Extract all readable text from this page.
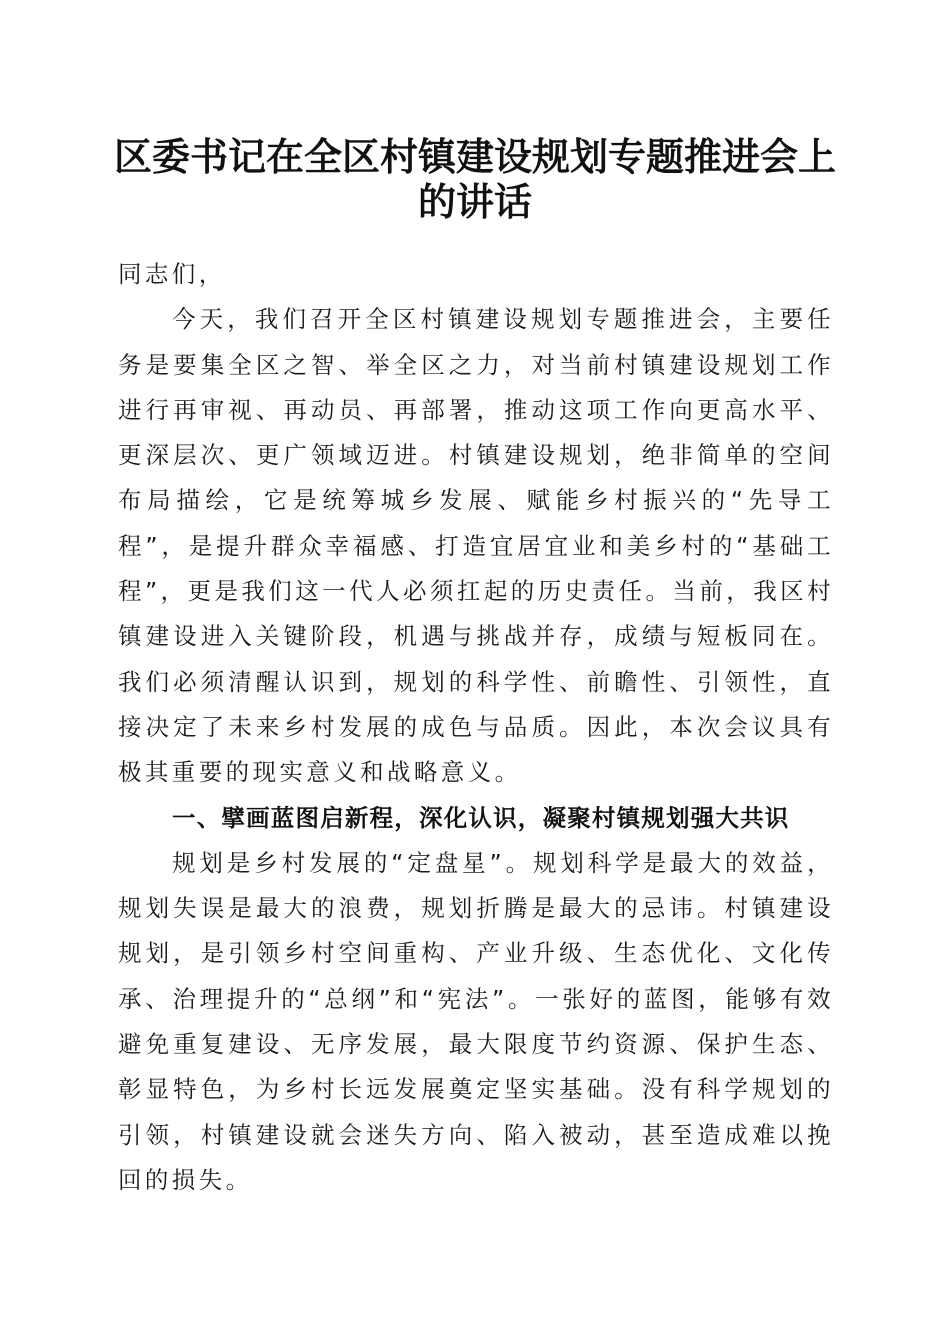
区委书记在全区村镇建设规划专题推进会上的讲话

同志们，

今天，我们召开全区村镇建设规划专题推进会，主要任务是要集全区之智、举全区之力，对当前村镇建设规划工作进行再审视、再动员、再部署，推动这项工作向更高水平、更深层次、更广领域迈进。村镇建设规划，绝非简单的空间布局描绘，它是统筹城乡发展、赋能乡村振兴的“先导工程”，是提升群众幸福感、打造宜居宜业和美乡村的“基础工程”，更是我们这一代人必须扛起的历史责任。当前，我区村镇建设进入关键阶段，机遇与挑战并存，成绩与短板同在。我们必须清醒认识到，规划的科学性、前瞻性、引领性，直接决定了未来乡村发展的成色与品质。因此，本次会议具有极其重要的现实意义和战略意义。

一、擘画蓝图启新程，深化认识，凝聚村镇规划强大共识

规划是乡村发展的“定盘星”。规划科学是最大的效益，规划失误是最大的浪费，规划折腾是最大的忌讳。村镇建设规划，是引领乡村空间重构、产业升级、生态优化、文化传承、治理提升的“总纲”和“宪法”。一张好的蓝图，能够有效避免重复建设、无序发展，最大限度节约资源、保护生态、彰显特色，为乡村长远发展奠定坚实基础。没有科学规划的引领，村镇建设就会迷失方向、陷入被动，甚至造成难以挽回的损失。
